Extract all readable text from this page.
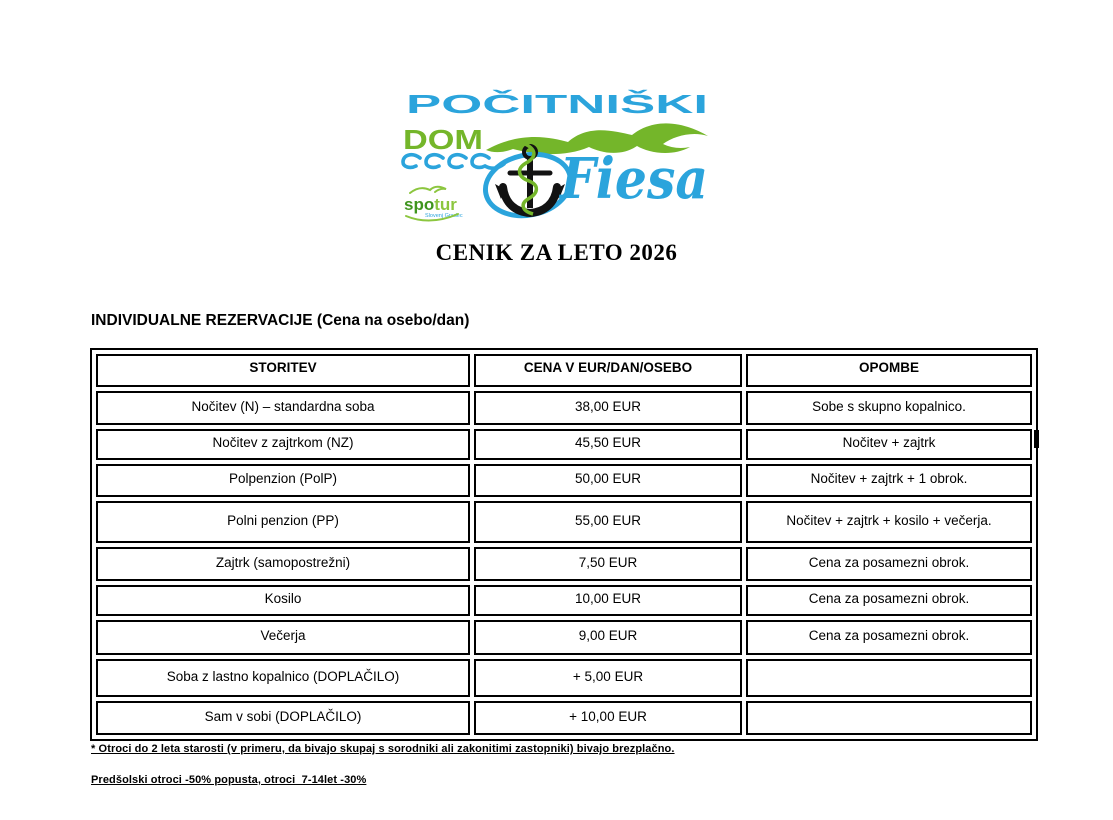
POČITNIŠKI
DOM
Fiesa
spotur
Slovenj Gradec
CENIK ZA LETO 2026
INDIVIDUALNE REZERVACIJE (Cena na osebo/dan)
STORITEV	CENA V EUR/DAN/OSEBO	OPOMBE
Nočitev (N) – standardna soba	38,00 EUR	Sobe s skupno kopalnico.
Nočitev z zajtrkom (NZ)	45,50 EUR	Nočitev + zajtrk
Polpenzion (PolP)	50,00 EUR	Nočitev + zajtrk + 1 obrok.
Polni penzion (PP)	55,00 EUR	Nočitev + zajtrk + kosilo + večerja.
Zajtrk (samopostrežni)	7,50 EUR	Cena za posamezni obrok.
Kosilo	10,00 EUR	Cena za posamezni obrok.
Večerja	9,00 EUR	Cena za posamezni obrok.
Soba z lastno kopalnico (DOPLAČILO)	+ 5,00 EUR	
Sam v sobi (DOPLAČILO)	+ 10,00 EUR	
* Otroci do 2 leta starosti (v primeru, da bivajo skupaj s sorodniki ali zakonitimi zastopniki) bivajo brezplačno.
Predšolski otroci -50% popusta, otroci  7-14let -30%
